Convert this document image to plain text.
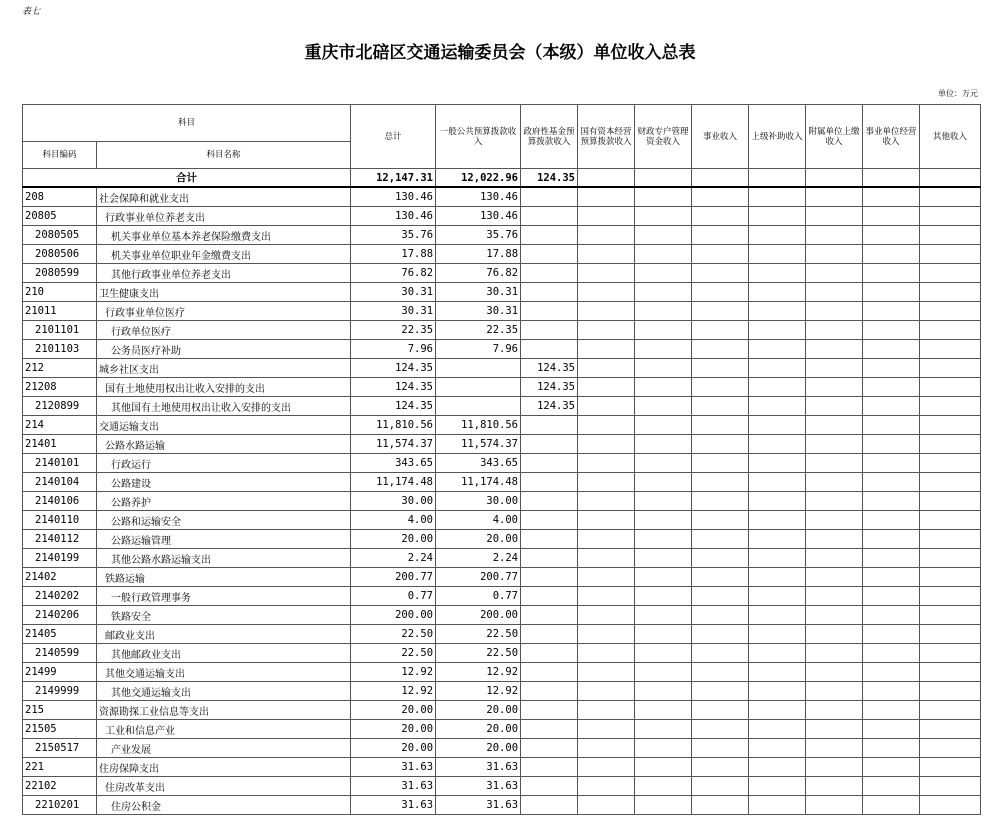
表七
重庆市北碚区交通运输委员会（本级）单位收入总表
单位：万元
科目		总计	一般公共预算拨款收入	政府性基金预算拨款收入	国有资本经营预算拨款收入	财政专户管理资金收入	事业收入	上级补助收入	附属单位上缴收入	事业单位经营收入	其他收入
科目编码	科目名称										
合计		12,147.31	12,022.96	124.35							
208	社会保障和就业支出	130.46	130.46								
20805	行政事业单位养老支出	130.46	130.46								
2080505	机关事业单位基本养老保险缴费支出	35.76	35.76								
2080506	机关事业单位职业年金缴费支出	17.88	17.88								
2080599	其他行政事业单位养老支出	76.82	76.82								
210	卫生健康支出	30.31	30.31								
21011	行政事业单位医疗	30.31	30.31								
2101101	行政单位医疗	22.35	22.35								
2101103	公务员医疗补助	7.96	7.96								
212	城乡社区支出	124.35		124.35							
21208	国有土地使用权出让收入安排的支出	124.35		124.35							
2120899	其他国有土地使用权出让收入安排的支出	124.35		124.35							
214	交通运输支出	11,810.56	11,810.56								
21401	公路水路运输	11,574.37	11,574.37								
2140101	行政运行	343.65	343.65								
2140104	公路建设	11,174.48	11,174.48								
2140106	公路养护	30.00	30.00								
2140110	公路和运输安全	4.00	4.00								
2140112	公路运输管理	20.00	20.00								
2140199	其他公路水路运输支出	2.24	2.24								
21402	铁路运输	200.77	200.77								
2140202	一般行政管理事务	0.77	0.77								
2140206	铁路安全	200.00	200.00								
21405	邮政业支出	22.50	22.50								
2140599	其他邮政业支出	22.50	22.50								
21499	其他交通运输支出	12.92	12.92								
2149999	其他交通运输支出	12.92	12.92								
215	资源勘探工业信息等支出	20.00	20.00								
21505	工业和信息产业	20.00	20.00								
2150517	产业发展	20.00	20.00								
221	住房保障支出	31.63	31.63								
22102	住房改革支出	31.63	31.63								
2210201	住房公积金	31.63	31.63								
